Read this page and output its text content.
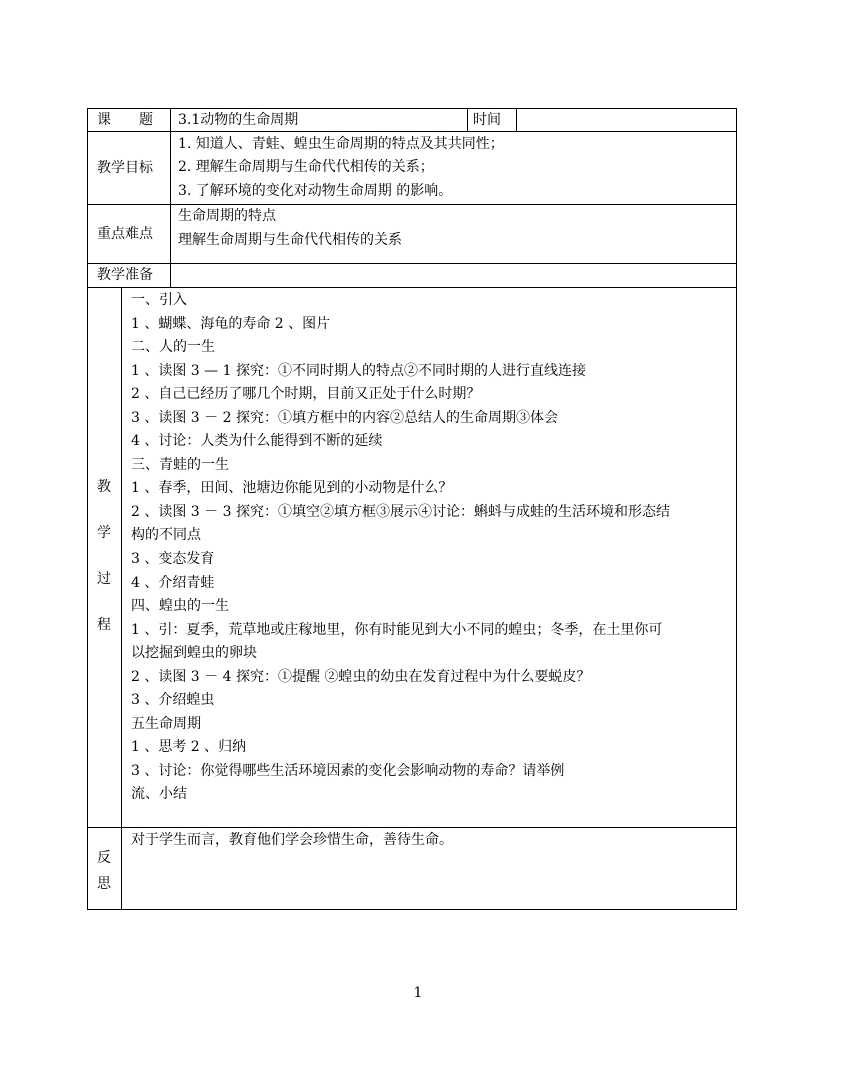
课　　题 3.1动物的生命周期	时间
教学目标
1. 知道人、青蛙、蝗虫生命周期的特点及其共同性；
2. 理解生命周期与生命代代相传的关系；
3. 了解环境的变化对动物生命周期 的影响。
重点难点
生命周期的特点
理解生命周期与生命代代相传的关系
教学准备
教
学
过
程
一、引入
1 、蝴蝶、海龟的寿命 2 、图片
二、人的一生
1 、读图 3 — 1 探究：①不同时期人的特点②不同时期的人进行直线连接
2 、自己已经历了哪几个时期，目前又正处于什么时期？
3 、读图 3 － 2 探究：①填方框中的内容②总结人的生命周期③体会
4 、讨论：人类为什么能得到不断的延续
三、青蛙的一生
1 、春季，田间、池塘边你能见到的小动物是什么？
2 、读图 3 － 3 探究：①填空②填方框③展示④讨论：蝌蚪与成蛙的生活环境和形态结
构的不同点
3 、变态发育
4 、介绍青蛙
四、蝗虫的一生
1 、引：夏季，荒草地或庄稼地里，你有时能见到大小不同的蝗虫；冬季，在土里你可
以挖掘到蝗虫的卵块
2 、读图 3 － 4 探究：①提醒 ②蝗虫的幼虫在发育过程中为什么要蜕皮？
3 、介绍蝗虫
五生命周期
1 、思考 2 、归纳
3 、讨论：你觉得哪些生活环境因素的变化会影响动物的寿命？请举例
流、小结
反
思
对于学生而言，教育他们学会珍惜生命，善待生命。
1
